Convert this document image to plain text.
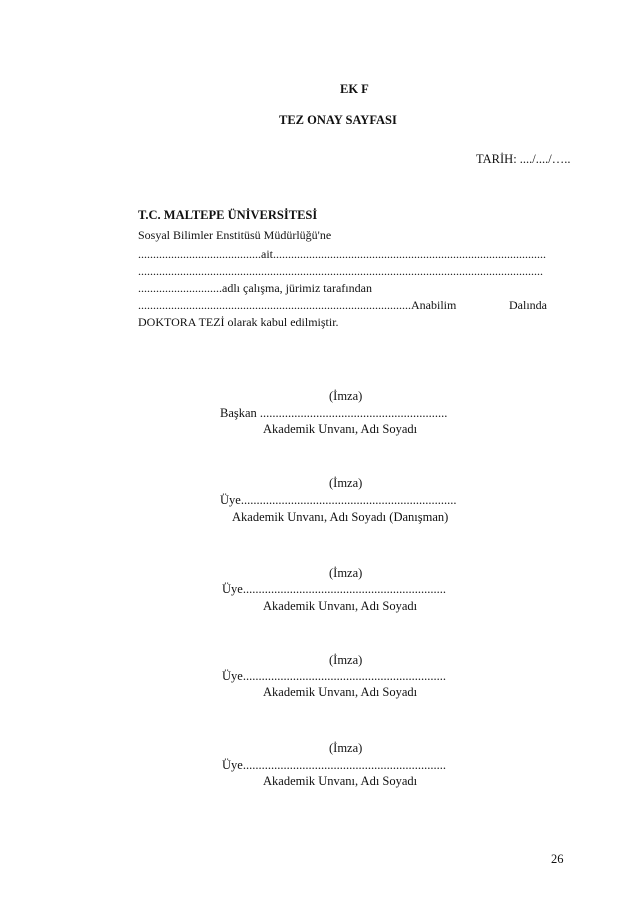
EK F
TEZ ONAY SAYFASI
TARİH: ..../..../…..
T.C. MALTEPE ÜNİVERSİTESİ
Sosyal Bilimler Enstitüsü Müdürlüğü'ne
.........................................ait...........................................................................................
.......................................................................................................................................
............................adlı çalışma, jürimiz tarafından
...........................................................................................Anabilim	Dalında
DOKTORA TEZİ olarak kabul edilmiştir.
(İmza)
Başkan ............................................................
Akademik Unvanı, Adı Soyadı
(İmza)
Üye.....................................................................
Akademik Unvanı, Adı Soyadı (Danışman)
(İmza)
Üye.................................................................
Akademik Unvanı, Adı Soyadı
(İmza)
Üye.................................................................
Akademik Unvanı, Adı Soyadı
(İmza)
Üye.................................................................
Akademik Unvanı, Adı Soyadı
26
